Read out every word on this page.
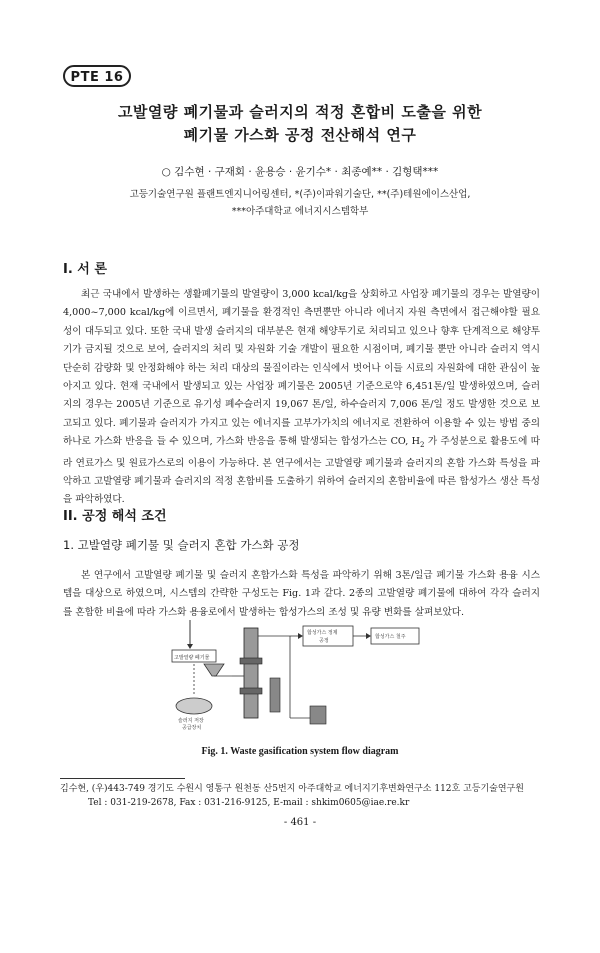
PTE 16
고발열량 폐기물과 슬러지의 적정 혼합비 도출을 위한
폐기물 가스화 공정 전산해석 연구
○ 김수현 · 구재회 · 윤용승 · 윤기수* · 최종예** · 김형택***
고등기술연구원 플랜트엔지니어링센터, *(주)이파워기술단, **(주)테원에이스산업,
***아주대학교 에너지시스템학부
I. 서 론
최근 국내에서 발생하는 생활폐기물의 발열량이 3,000 kcal/kg을 상회하고 사업장 폐기물의 경우는 발열량이 4,000~7,000 kcal/kg에 이르면서, 폐기물을 환경적인 측면뿐만 아니라 에너지 자원 측면에서 접근해야할 필요성이 대두되고 있다. 또한 국내 발생 슬러지의 대부분은 현재 해양투기로 처리되고 있으나 향후 단계적으로 해양투기가 금지될 것으로 보여, 슬러지의 처리 및 자원화 기술 개발이 필요한 시점이며, 폐기물 뿐만 아니라 슬러지 역시 단순히 감량화 및 안정화해야 하는 처리 대상의 물질이라는 인식에서 벗어나 이들 시료의 자원화에 대한 관심이 높아지고 있다. 현재 국내에서 발생되고 있는 사업장 폐기물은 2005년 기준으로약 6,451톤/일 발생하였으며, 슬러지의 경우는 2005년 기준으로 유기성 폐수슬러지 19,067 톤/일, 하수슬러지 7,006 톤/일 정도 발생한 것으로 보고되고 있다. 폐기물과 슬러지가 가지고 있는 에너지를 고부가가치의 에너지로 전환하여 이용할 수 있는 방법 중의 하나로 가스화 반응을 들 수 있으며, 가스화 반응을 통해 발생되는 합성가스는 CO, $H_2$ 가 주성분으로 활용도에 따라 연료가스 및 원료가스로의 이용이 가능하다. 본 연구에서는 고발열량 폐기물과 슬러지의 혼합 가스화 특성을 파악하고 고발열량 폐기물과 슬러지의 적정 혼합비를 도출하기 위하여 슬러지의 혼합비율에 따른 합성가스 생산 특성을 파악하였다.
II. 공정 해석 조건
1. 고발열량 폐기물 및 슬러지 혼합 가스화 공정
본 연구에서 고발열량 폐기물 및 슬러지 혼합가스화 특성을 파악하기 위해 3톤/일급 폐기물 가스화 용융 시스템을 대상으로 하였으며, 시스템의 간략한 구성도는 Fig. 1과 같다. 2종의 고발열량 폐기물에 대하여 각각 슬러지를 혼합한 비율에 따라 가스화 용융로에서 발생하는 합성가스의 조성 및 유량 변화를 살펴보았다.
고발열량 폐기물
슬러지 저장
공급장치
합성가스 정제
공정
합성가스 철주
Fig. 1. Waste gasification system flow diagram
김수현, (우)443-749 경기도 수원시 영통구 원천동 산5번지 아주대학교 에너지기후변화연구소 112호 고등기술연구원
Tel : 031-219-2678, Fax : 031-216-9125, E-mail : shkim0605@iae.re.kr
- 461 -
